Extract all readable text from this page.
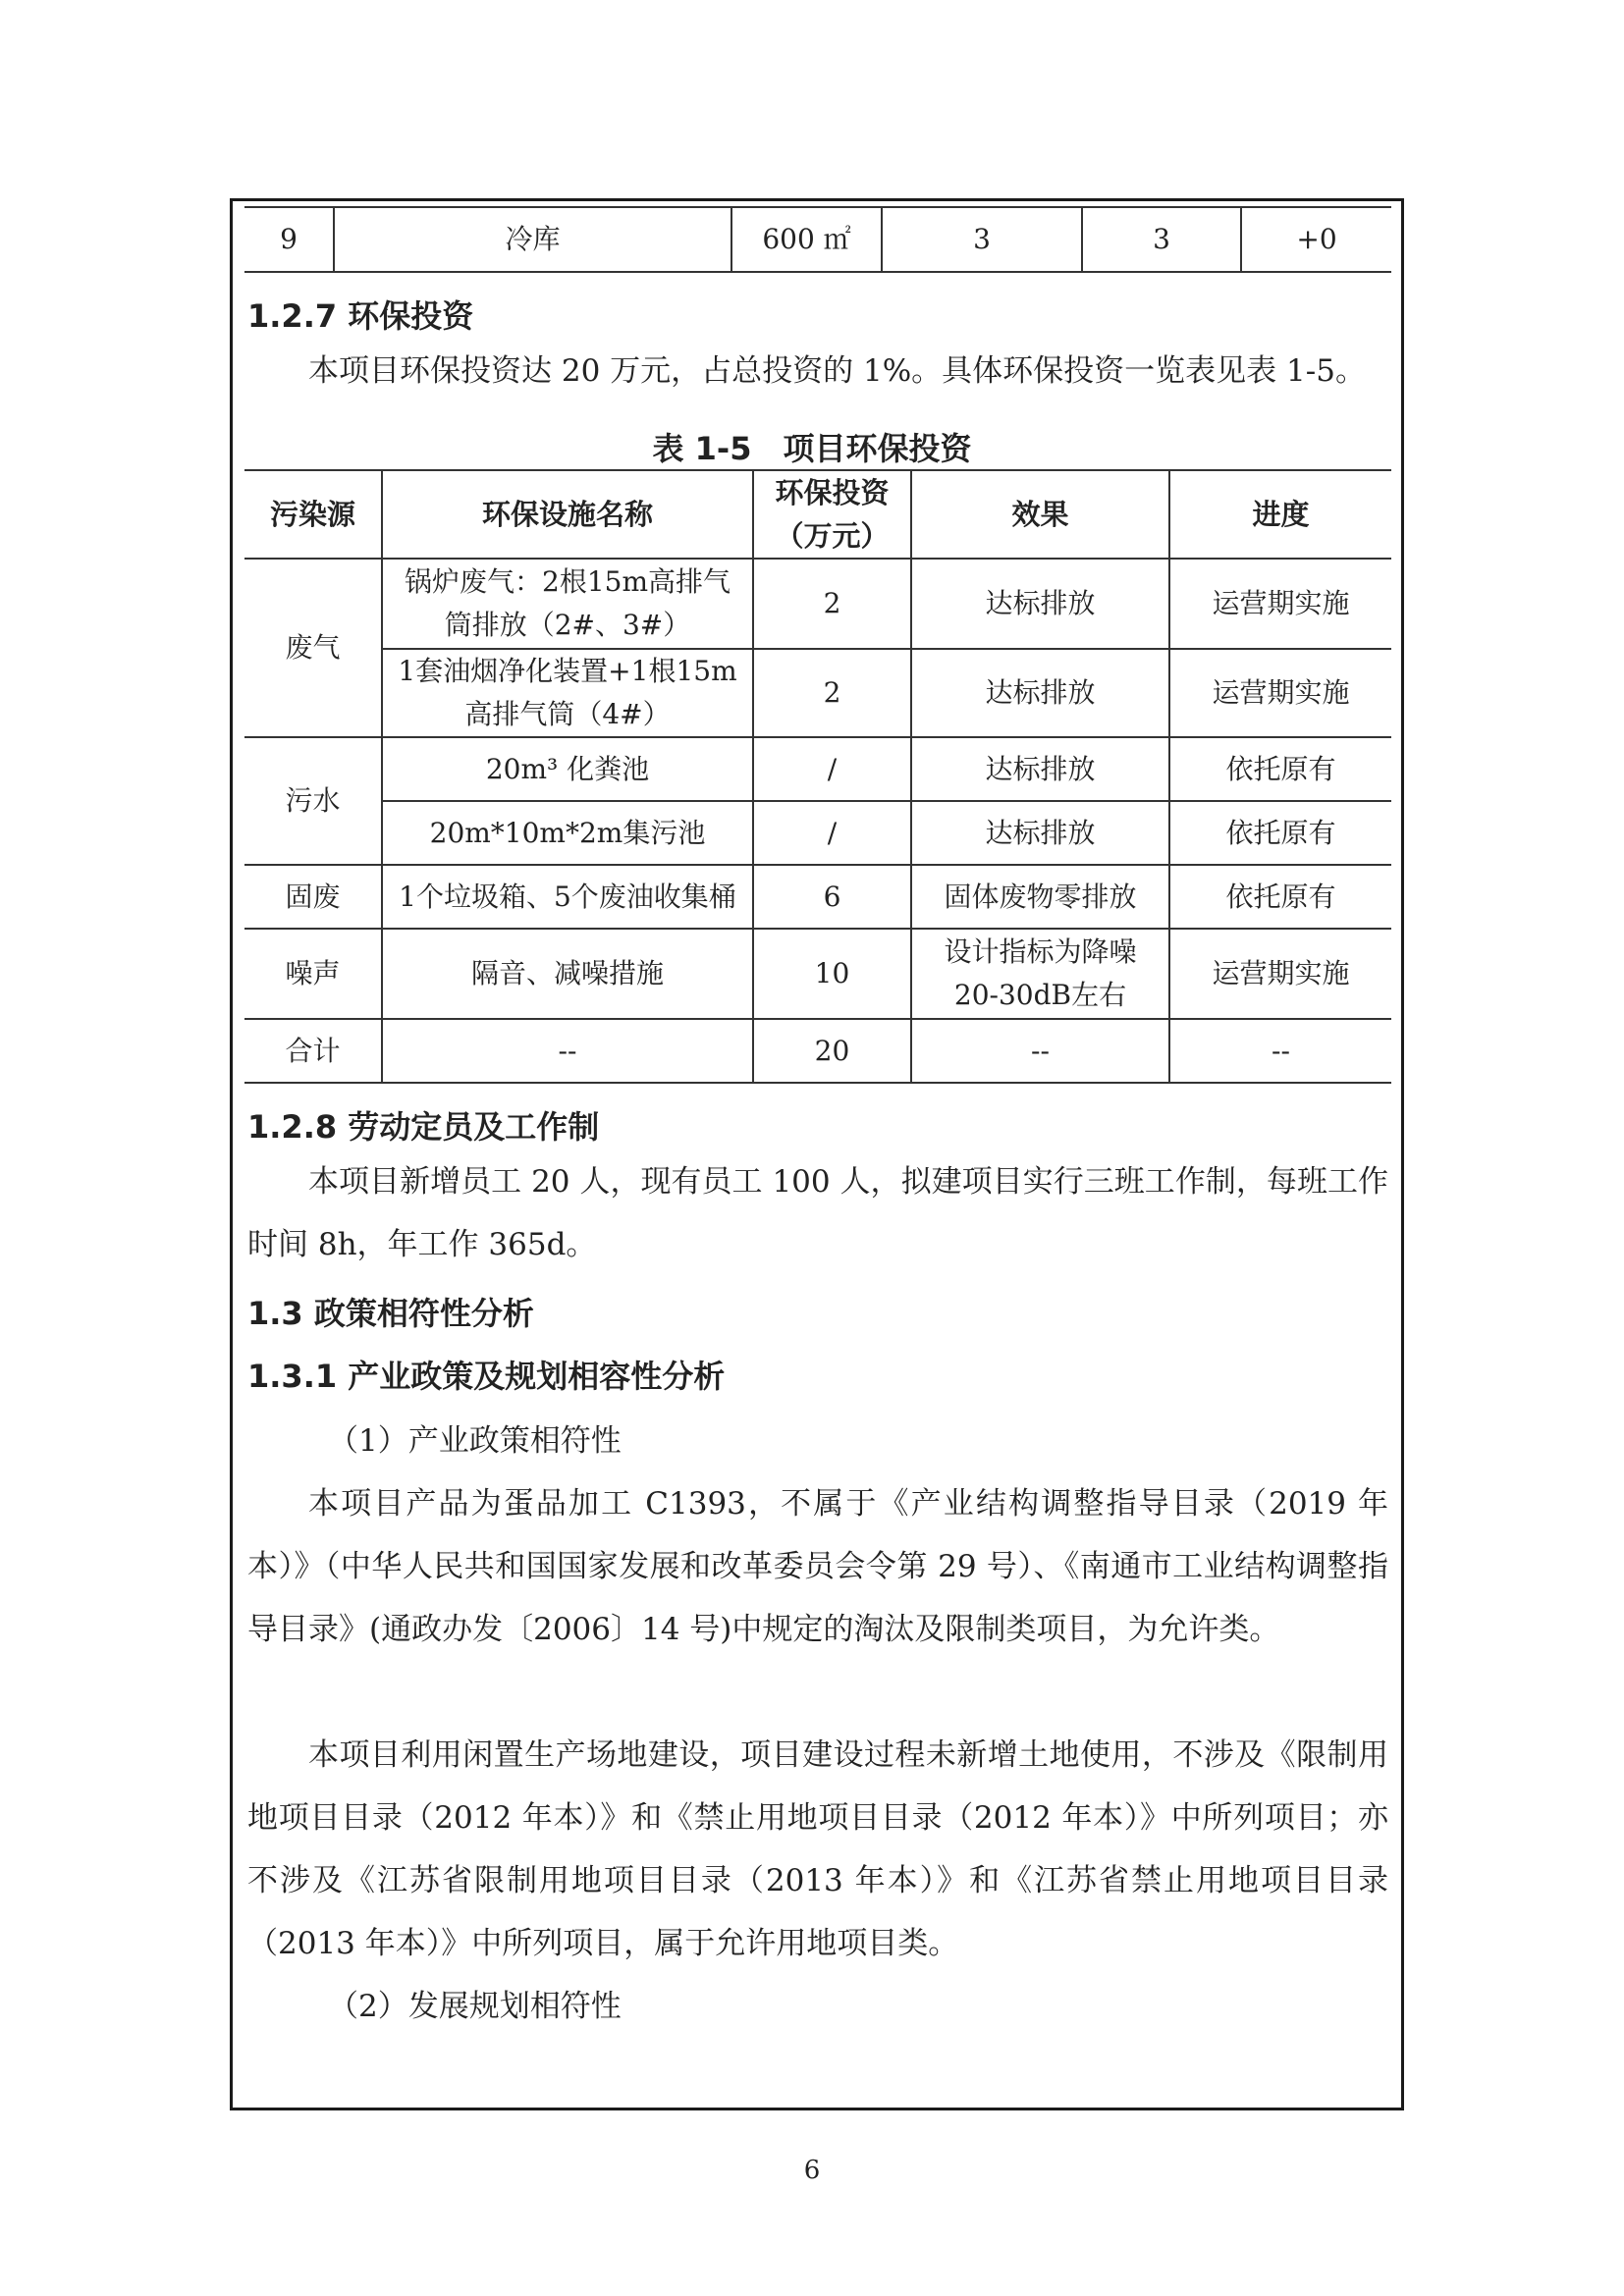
9	冷库	600 ㎡	3	3	+0
1.2.7 环保投资
本项目环保投资达 20 万元，占总投资的 1%。具体环保投资一览表见表 1-5。
表 1-5　项目环保投资
污染源	环保设施名称	环保投资（万元）	效果	进度
废气	锅炉废气：2根15m高排气筒排放（2#、3#）	2	达标排放	运营期实施
	1套油烟净化装置+1根15m高排气筒（4#）	2	达标排放	运营期实施
污水	20m³ 化粪池	/	达标排放	依托原有
	20m*10m*2m集污池	/	达标排放	依托原有
固废	1个垃圾箱、5个废油收集桶	6	固体废物零排放	依托原有
噪声	隔音、减噪措施	10	设计指标为降噪20-30dB左右	运营期实施
合计	--	20	--	--
1.2.8 劳动定员及工作制
本项目新增员工 20 人，现有员工 100 人，拟建项目实行三班工作制，每班工作时间 8h，年工作 365d。
1.3 政策相符性分析
1.3.1 产业政策及规划相容性分析
（1）产业政策相符性
本项目产品为蛋品加工 C1393，不属于《产业结构调整指导目录（2019 年本）》（中华人民共和国国家发展和改革委员会令第 29 号）、《南通市工业结构调整指导目录》(通政办发〔2006〕14 号)中规定的淘汰及限制类项目，为允许类。
本项目利用闲置生产场地建设，项目建设过程未新增土地使用，不涉及《限制用地项目目录（2012 年本）》和《禁止用地项目目录（2012 年本）》中所列项目；亦不涉及《江苏省限制用地项目目录（2013 年本）》和《江苏省禁止用地项目目录（2013 年本）》中所列项目，属于允许用地项目类。
（2）发展规划相符性
6
